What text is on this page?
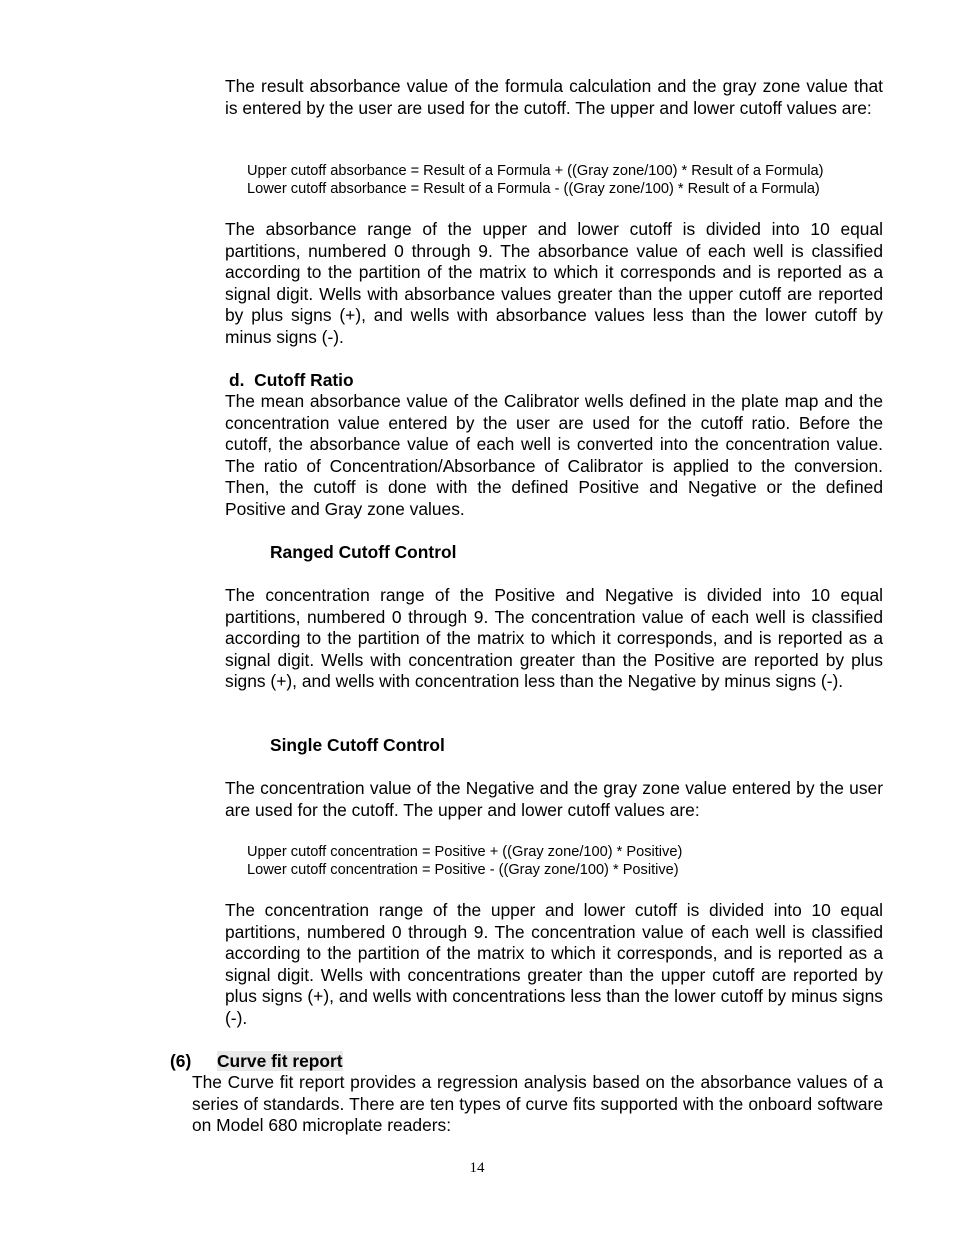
The result absorbance value of the formula calculation and the gray zone value that is entered by the user are used for the cutoff. The upper and lower cutoff values are:

Upper cutoff absorbance = Result of a Formula + ((Gray zone/100) * Result of a Formula)
Lower cutoff absorbance = Result of a Formula - ((Gray zone/100) * Result of a Formula)

The absorbance range of the upper and lower cutoff is divided into 10 equal partitions, numbered 0 through 9. The absorbance value of each well is classified according to the partition of the matrix to which it corresponds and is reported as a signal digit. Wells with absorbance values greater than the upper cutoff are reported by plus signs (+), and wells with absorbance values less than the lower cutoff by minus signs (-).

d. Cutoff Ratio

The mean absorbance value of the Calibrator wells defined in the plate map and the concentration value entered by the user are used for the cutoff ratio. Before the cutoff, the absorbance value of each well is converted into the concentration value. The ratio of Concentration/Absorbance of Calibrator is applied to the conversion. Then, the cutoff is done with the defined Positive and Negative or the defined Positive and Gray zone values.

Ranged Cutoff Control

The concentration range of the Positive and Negative is divided into 10 equal partitions, numbered 0 through 9. The concentration value of each well is classified according to the partition of the matrix to which it corresponds, and is reported as a signal digit. Wells with concentration greater than the Positive are reported by plus signs (+), and wells with concentration less than the Negative by minus signs (-).

Single Cutoff Control

The concentration value of the Negative and the gray zone value entered by the user are used for the cutoff. The upper and lower cutoff values are:

Upper cutoff concentration = Positive + ((Gray zone/100) * Positive)
Lower cutoff concentration = Positive - ((Gray zone/100) * Positive)

The concentration range of the upper and lower cutoff is divided into 10 equal partitions, numbered 0 through 9. The concentration value of each well is classified according to the partition of the matrix to which it corresponds, and is reported as a signal digit. Wells with concentrations greater than the upper cutoff are reported by plus signs (+), and wells with concentrations less than the lower cutoff by minus signs (-).

(6) Curve fit report

The Curve fit report provides a regression analysis based on the absorbance values of a series of standards. There are ten types of curve fits supported with the onboard software on Model 680 microplate readers:

14
